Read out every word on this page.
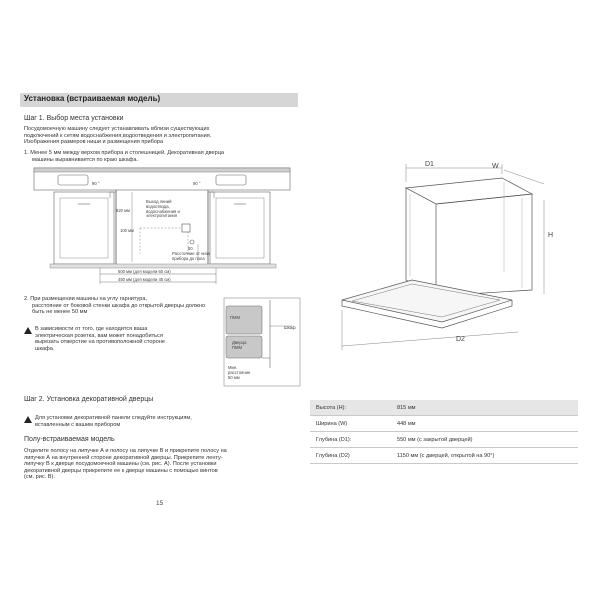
Установка (встраиваемая модель)
Шаг 1. Выбор места установки
Посудомоечную машину следует устанавливать вблизи существующих
подключений к сетям водоснабжения,водоотведения и электропитания.
Изображения размеров ниши и размещения прибора
1. Менее 5 мм между верхом прибора и столешницей. Декоративная дверца
машины выравнивается по краю шкафа.
90 °	90 °
820 мм
100 мм
80
Выход линий
водоотвода,
водоснабжения и
электропитания
Расстояние от низа
прибора до пола
600 мм (для модели 60 см)
450 мм (для модели 45 см)
2. При размещении машины на углу гарнитура,
расстояние от боковой стенки шкафа до открытой дверцы должно
быть не менее 50 мм
В зависимости от того, где находится ваша
электрическая розетка, вам может понадобиться
вырезать отверстие на противоположной стороне
шкафа.
ПММ
Шкаф
Дверца
ПММ
Мин.
расстояние
50 мм
D1	W
H
D2
Шаг 2. Установка декоративной дверцы
Для установки декоративной панели следуйте инструкциям,
вставленным с вашим прибором
Полу-встраиваемая модель
Отделите полосу на липучке А и полосу на липучке В и прикрепите полосу на
липучке А на внутренней стороне декоративной дверцы. Прикрепите ленту-
липучку В к дверце посудомоечной машины (см. рис. А). После установки
декоративной дверцы прикрепите ее к дверце машины с помощью винтов
(см. рис. В).
Высота (H):	815 мм
Ширина (W)	448 мм
Глубина (D1):	550 мм (с закрытой дверцей)
Глубина (D2)	1150 мм (с дверцей, открытой на 90°)
15
